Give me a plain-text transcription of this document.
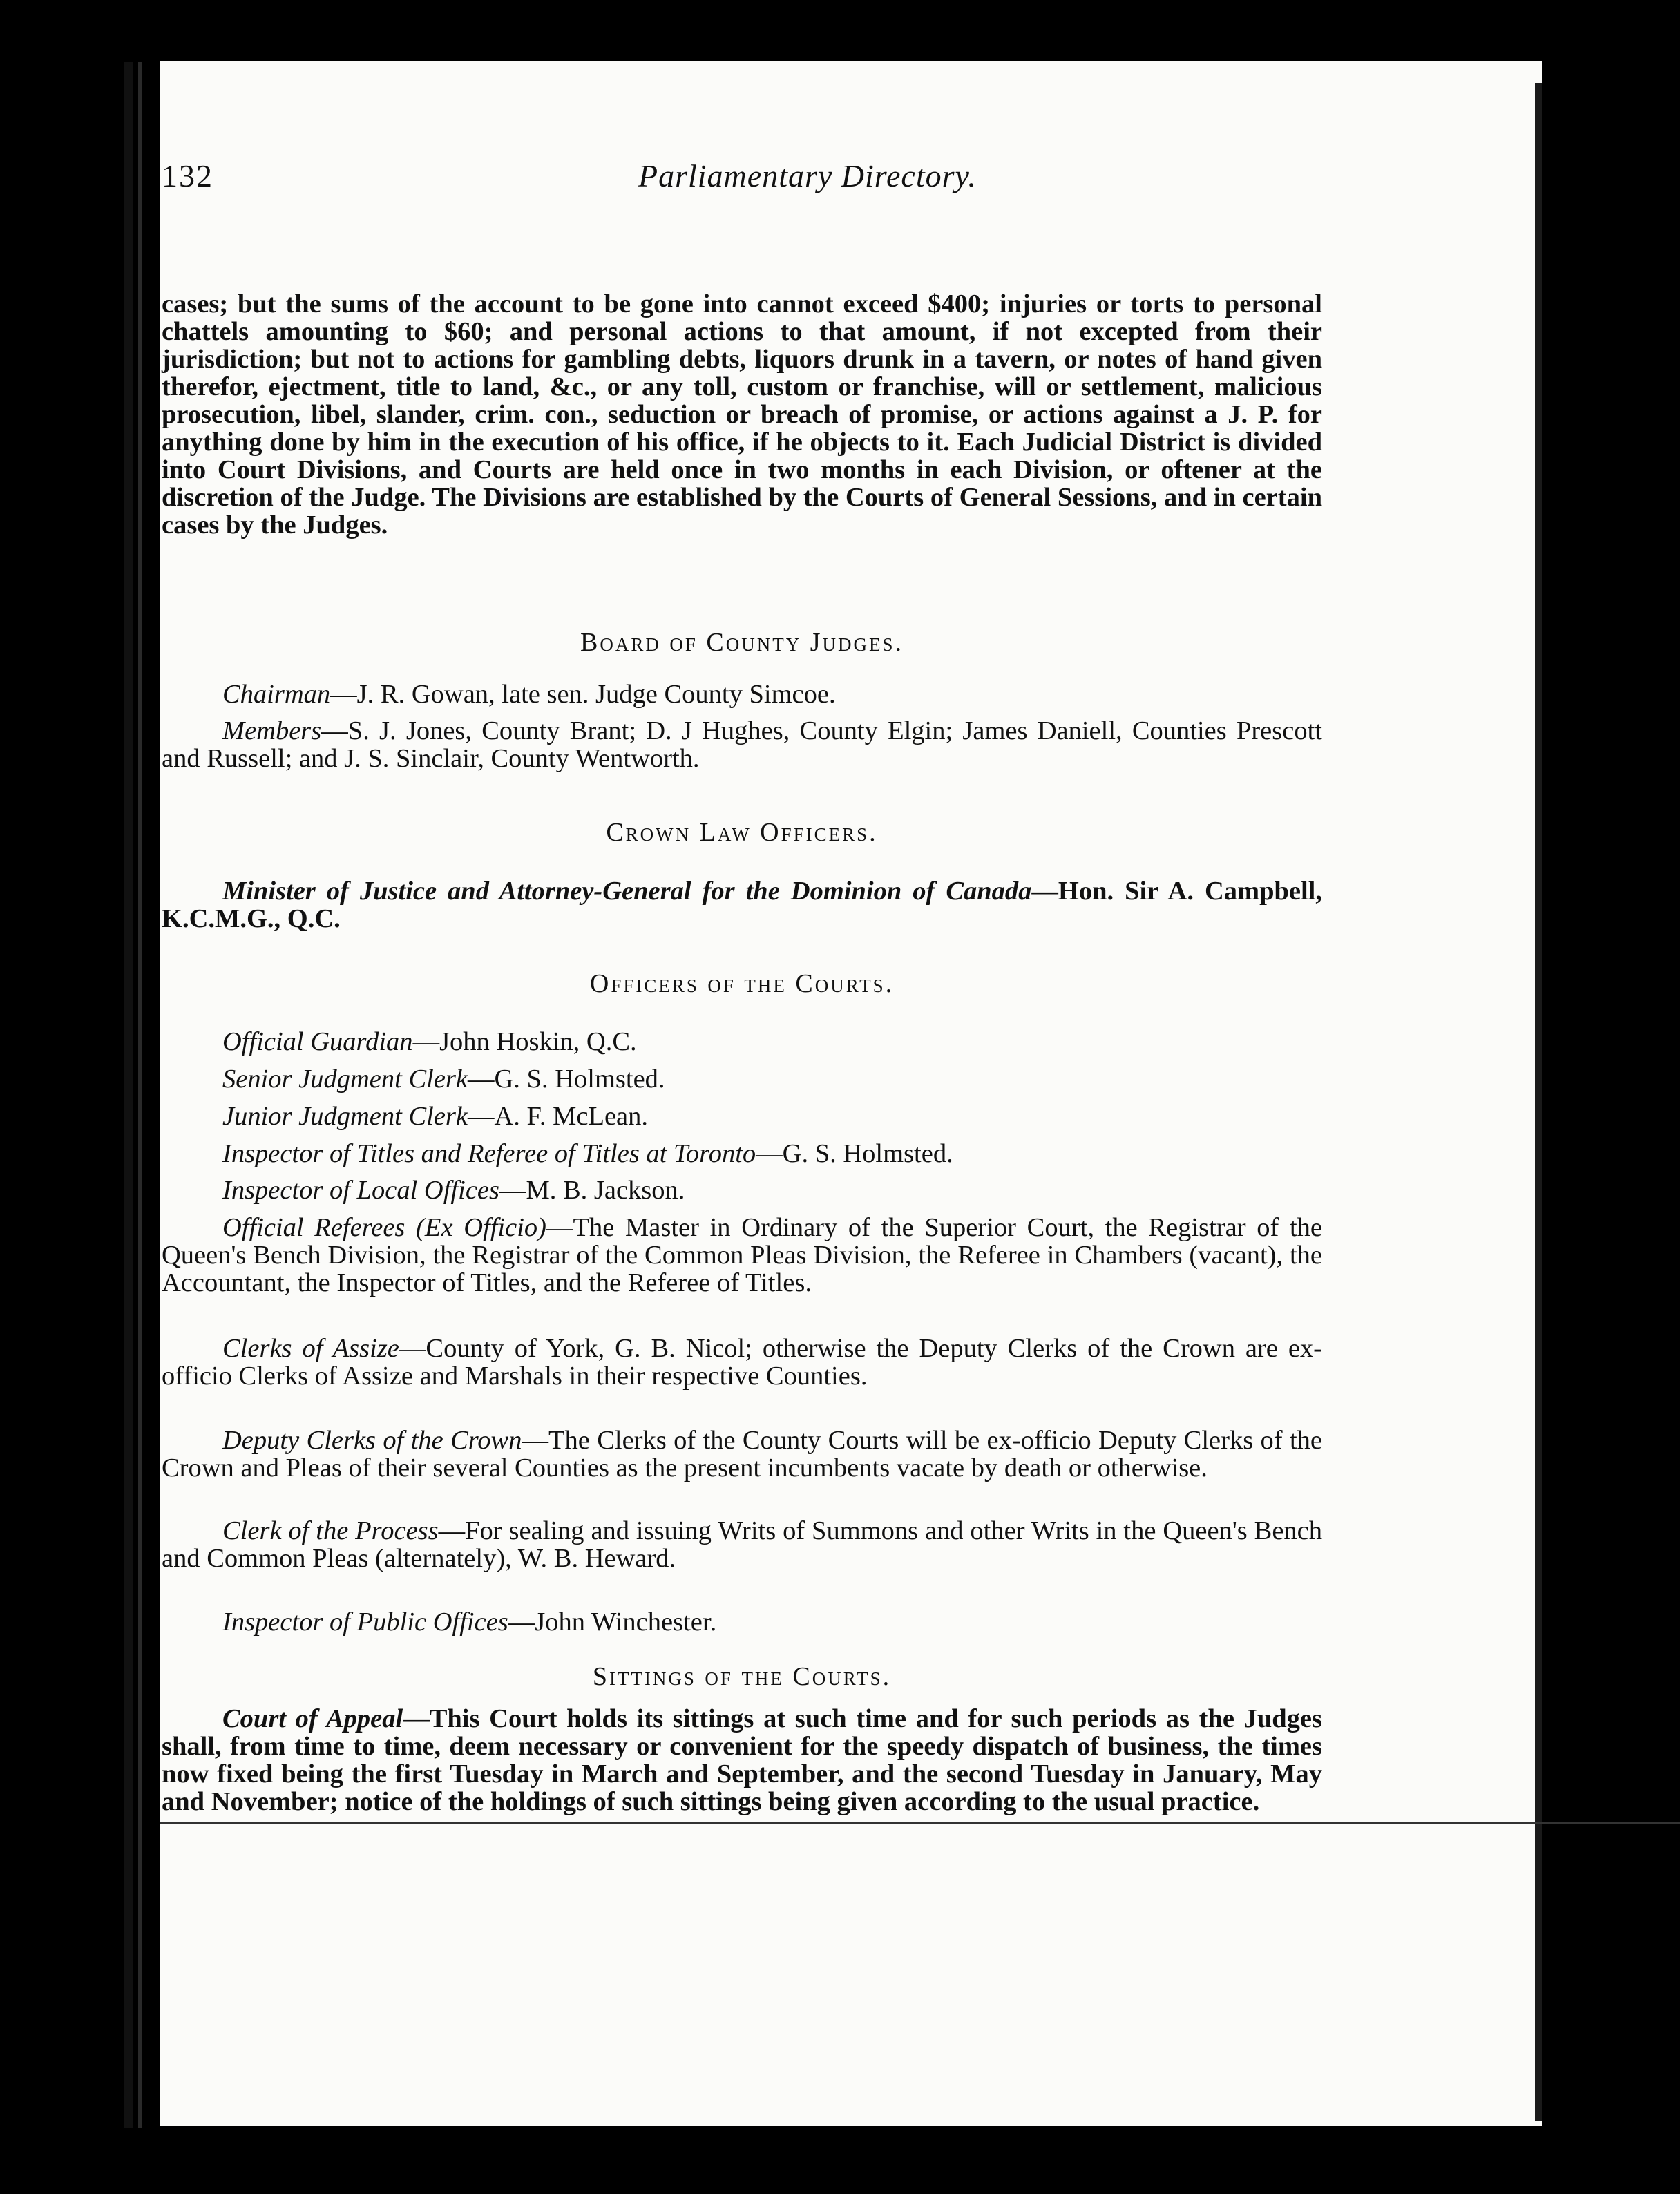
132	Parliamentary Directory.
cases; but the sums of the account to be gone into cannot exceed $400; injuries or torts to personal chattels amounting to $60; and personal actions to that amount, if not excepted from their jurisdiction; but not to actions for gambling debts, liquors drunk in a tavern, or notes of hand given therefor, ejectment, title to land, &c., or any toll, custom or franchise, will or settlement, malicious prosecution, libel, slander, crim. con., seduction or breach of promise, or actions against a J. P. for anything done by him in the execution of his office, if he objects to it. Each Judicial District is divided into Court Divisions, and Courts are held once in two months in each Division, or oftener at the discretion of the Judge. The Divisions are established by the Courts of General Sessions, and in certain cases by the Judges.
Board of County Judges.
Chairman—J. R. Gowan, late sen. Judge County Simcoe.
Members—S. J. Jones, County Brant; D. J Hughes, County Elgin; James Daniell, Counties Prescott and Russell; and J. S. Sinclair, County Wentworth.
Crown Law Officers.
Minister of Justice and Attorney-General for the Dominion of Canada—Hon. Sir A. Campbell, K.C.M.G., Q.C.
Officers of the Courts.
Official Guardian—John Hoskin, Q.C.
Senior Judgment Clerk—G. S. Holmsted.
Junior Judgment Clerk—A. F. McLean.
Inspector of Titles and Referee of Titles at Toronto—G. S. Holmsted.
Inspector of Local Offices—M. B. Jackson.
Official Referees (Ex Officio)—The Master in Ordinary of the Superior Court, the Registrar of the Queen's Bench Division, the Registrar of the Common Pleas Division, the Referee in Chambers (vacant), the Accountant, the Inspector of Titles, and the Referee of Titles.
Clerks of Assize—County of York, G. B. Nicol; otherwise the Deputy Clerks of the Crown are ex-officio Clerks of Assize and Marshals in their respective Counties.
Deputy Clerks of the Crown—The Clerks of the County Courts will be ex-officio Deputy Clerks of the Crown and Pleas of their several Counties as the present incumbents vacate by death or otherwise.
Clerk of the Process—For sealing and issuing Writs of Summons and other Writs in the Queen's Bench and Common Pleas (alternately), W. B. Heward.
Inspector of Public Offices—John Winchester.
Sittings of the Courts.
Court of Appeal—This Court holds its sittings at such time and for such periods as the Judges shall, from time to time, deem necessary or convenient for the speedy dispatch of business, the times now fixed being the first Tuesday in March and September, and the second Tuesday in January, May and November; notice of the holdings of such sittings being given according to the usual practice.
